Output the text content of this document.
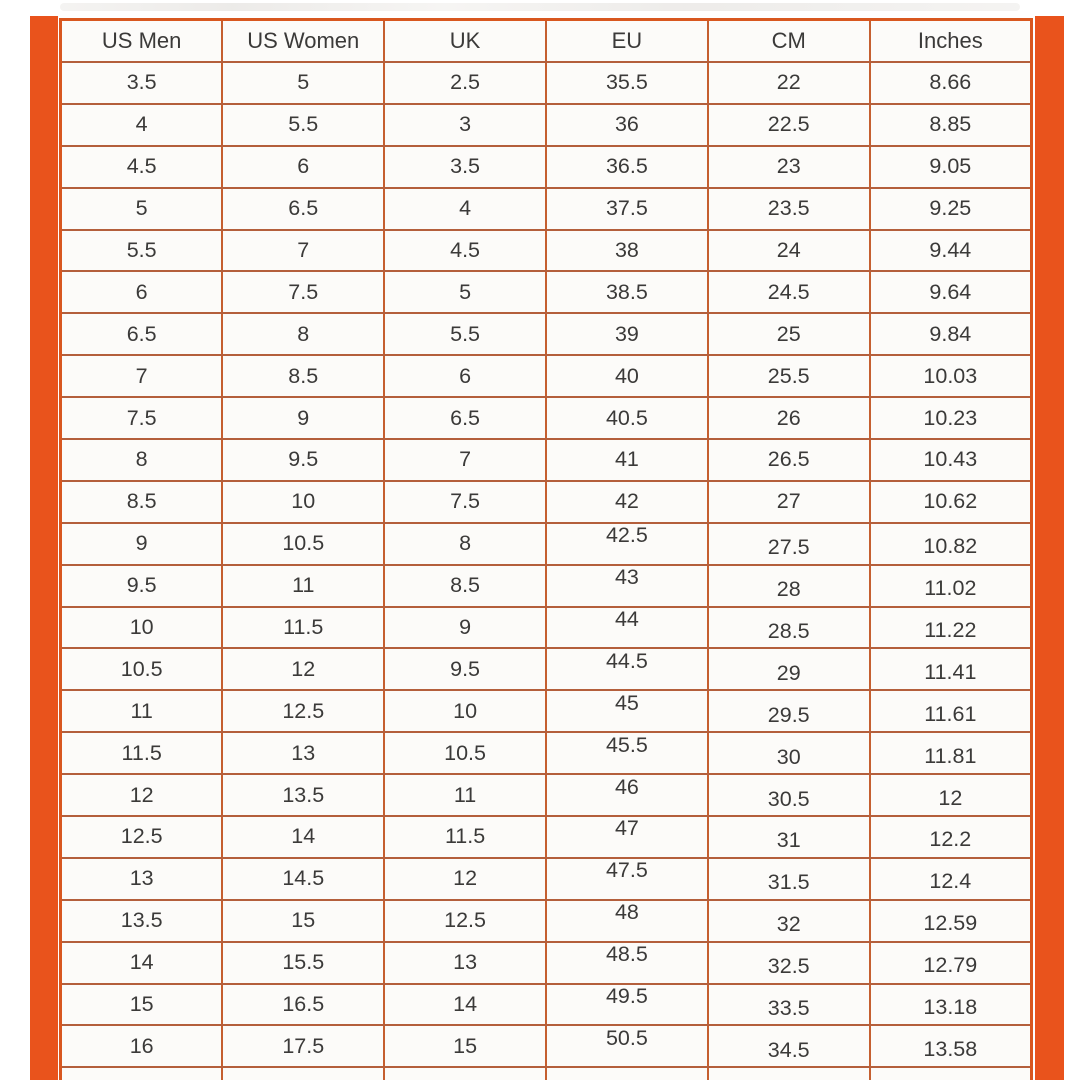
US Men	US Women	UK	EU	CM	Inches
3.5	5	2.5	35.5	22	8.66
4	5.5	3	36	22.5	8.85
4.5	6	3.5	36.5	23	9.05
5	6.5	4	37.5	23.5	9.25
5.5	7	4.5	38	24	9.44
6	7.5	5	38.5	24.5	9.64
6.5	8	5.5	39	25	9.84
7	8.5	6	40	25.5	10.03
7.5	9	6.5	40.5	26	10.23
8	9.5	7	41	26.5	10.43
8.5	10	7.5	42	27	10.62
9	10.5	8	42.5	27.5	10.82
9.5	11	8.5	43	28	11.02
10	11.5	9	44	28.5	11.22
10.5	12	9.5	44.5	29	11.41
11	12.5	10	45	29.5	11.61
11.5	13	10.5	45.5	30	11.81
12	13.5	11	46	30.5	12
12.5	14	11.5	47	31	12.2
13	14.5	12	47.5	31.5	12.4
13.5	15	12.5	48	32	12.59
14	15.5	13	48.5	32.5	12.79
15	16.5	14	49.5	33.5	13.18
16	17.5	15	50.5	34.5	13.58
